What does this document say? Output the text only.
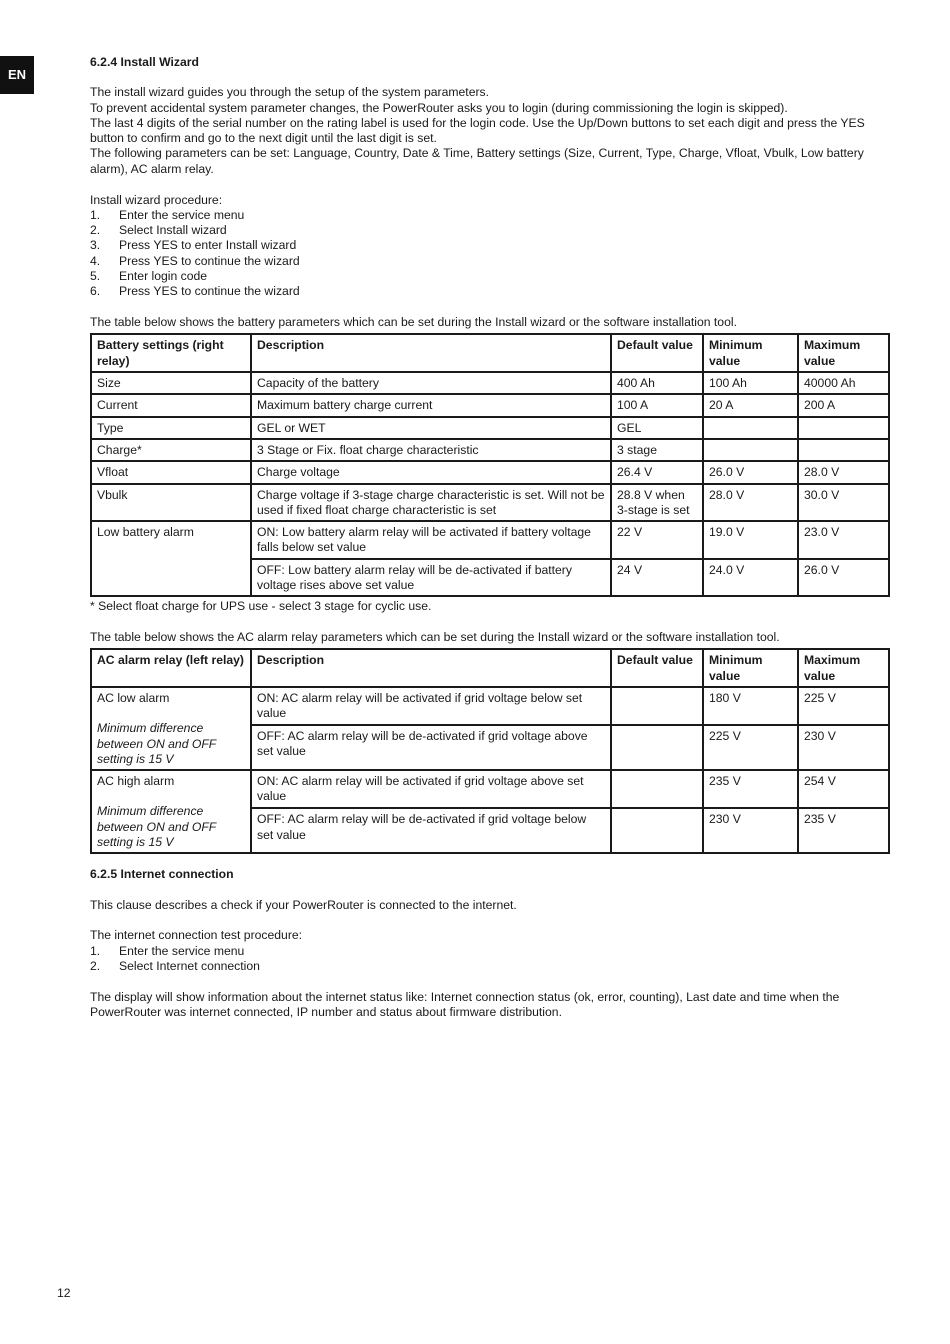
EN
6.2.4 Install Wizard

The install wizard guides you through the setup of the system parameters.

To prevent accidental system parameter changes, the PowerRouter asks you to login (during commissioning the login is skipped).

The last 4 digits of the serial number on the rating label is used for the login code. Use the Up/Down buttons to set each digit and press the YES button to confirm and go to the next digit until the last digit is set.

The following parameters can be set: Language, Country, Date & Time, Battery settings (Size, Current, Type, Charge, Vfloat, Vbulk, Low battery alarm), AC alarm relay.

Install wizard procedure:

1.	Enter the service menu
2.	Select Install wizard
3.	Press YES to enter Install wizard
4.	Press YES to continue the wizard
5.	Enter login code
6.	Press YES to continue the wizard

The table below shows the battery parameters which can be set during the Install wizard or the software installation tool.

Battery settings (right relay)	Description	Default value	Minimum value	Maximum value
Size	Capacity of the battery	400 Ah	100 Ah	40000 Ah
Current	Maximum battery charge current	100 A	20 A	200 A
Type	GEL or WET	GEL		
Charge*	3 Stage or Fix. float charge characteristic	3 stage		
Vfloat	Charge voltage	26.4 V	26.0 V	28.0 V
Vbulk	Charge voltage if 3-stage charge characteristic is set. Will not be used if fixed float charge characteristic is set	28.8 V when 3-stage is set	28.0 V	30.0 V
Low battery alarm	ON: Low battery alarm relay will be activated if battery voltage falls below set value	22 V	19.0 V	23.0 V
	OFF: Low battery alarm relay will be de-activated if battery voltage rises above set value	24 V	24.0 V	26.0 V

* Select float charge for UPS use - select 3 stage for cyclic use.

The table below shows the AC alarm relay parameters which can be set during the Install wizard or the software installation tool.

AC alarm relay (left relay)	Description	Default value	Minimum value	Maximum value

AC low alarm
Minimum difference between ON and OFF setting is 15 V	ON: AC alarm relay will be activated if grid voltage below set value		180 V	225 V
	OFF: AC alarm relay will be de-activated if grid voltage above set value		225 V	230 V

AC high alarm
Minimum difference between ON and OFF setting is 15 V	ON: AC alarm relay will be activated if grid voltage above set value		235 V	254 V
	OFF: AC alarm relay will be de-activated if grid voltage below set value		230 V	235 V
6.2.5 Internet connection

This clause describes a check if your PowerRouter is connected to the internet.

The internet connection test procedure:

1.	Enter the service menu
2.	Select Internet connection

The display will show information about the internet status like: Internet connection status (ok, error, counting), Last date and time when the PowerRouter was internet connected, IP number and status about firmware distribution.

12
